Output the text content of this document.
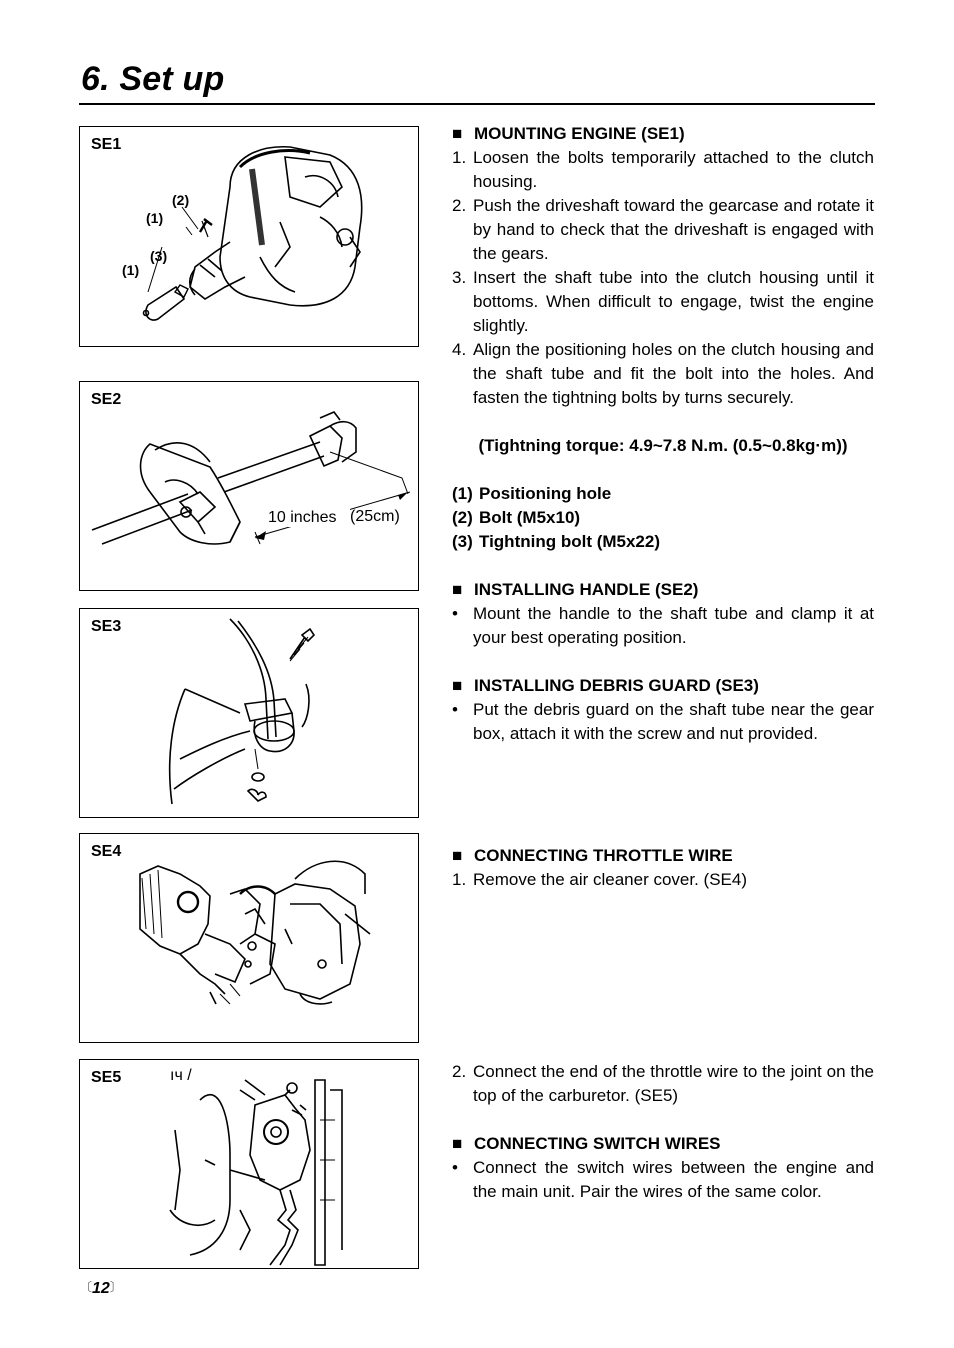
6. Set up
SE1
(2)
(1)
(3)
(1)
SE2
10 inches (25cm)
SE3
SE4
SE5	ıч /
■ MOUNTING ENGINE (SE1)
1. Loosen the bolts temporarily attached to the clutch housing.
2. Push the driveshaft toward the gearcase and rotate it by hand to check that the driveshaft is engaged with the gears.
3. Insert the shaft tube into the clutch housing until it bottoms. When difficult to engage, twist the engine slightly.
4. Align the positioning holes on the clutch housing and the shaft tube and fit the bolt into the holes. And fasten the tightning bolts by turns securely.
(Tightning torque: 4.9~7.8 N.m. (0.5~0.8kg·m))
(1) Positioning hole
(2) Bolt (M5x10)
(3) Tightning bolt (M5x22)
■ INSTALLING HANDLE (SE2)
• Mount the handle to the shaft tube and clamp it at your best operating position.
■ INSTALLING DEBRIS GUARD (SE3)
• Put the debris guard on the shaft tube near the gear box, attach it with the screw and nut provided.
■ CONNECTING THROTTLE WIRE
1. Remove the air cleaner cover. (SE4)
2. Connect the end of the throttle wire to the joint on the top of the carburetor. (SE5)
■ CONNECTING SWITCH WIRES
• Connect the switch wires between the engine and the main unit. Pair the wires of the same color.
〔12〕
